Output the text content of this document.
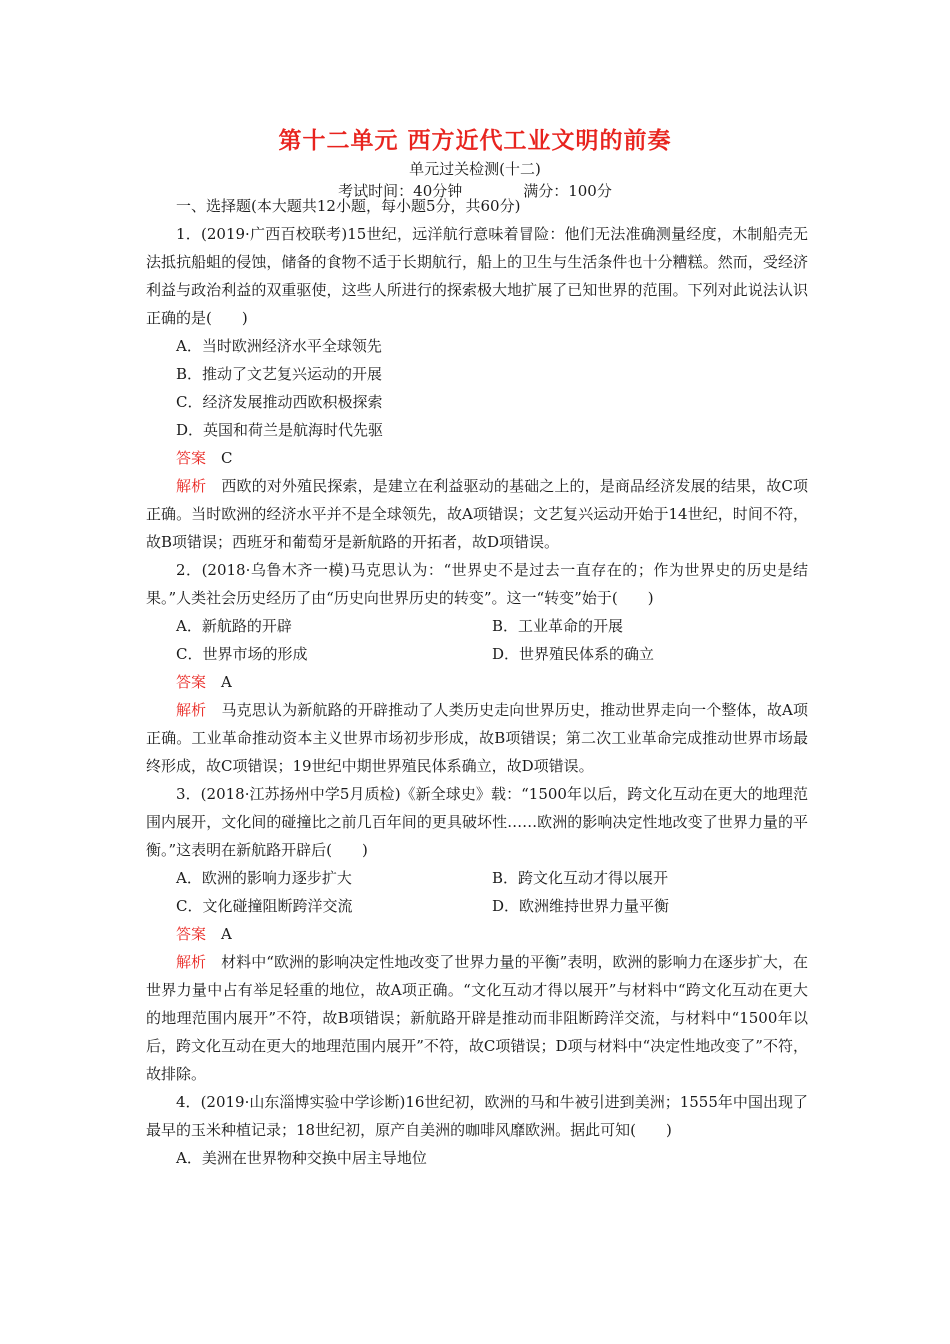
第十二单元 西方近代工业文明的前奏
单元过关检测(十二)
考试时间：40分钟	满分：100分

一、选择题(本大题共12小题，每小题5分，共60分)

1．(2019·广西百校联考)15世纪，远洋航行意味着冒险：他们无法准确测量经度，木制船壳无法抵抗船蛆的侵蚀，储备的食物不适于长期航行，船上的卫生与生活条件也十分糟糕。然而，受经济利益与政治利益的双重驱使，这些人所进行的探索极大地扩展了已知世界的范围。下列对此说法认识正确的是(　　)

A．当时欧洲经济水平全球领先

B．推动了文艺复兴运动的开展

C．经济发展推动西欧积极探索

D．英国和荷兰是航海时代先驱

答案　 C

解析　 西欧的对外殖民探索，是建立在利益驱动的基础之上的，是商品经济发展的结果，故C项正确。当时欧洲的经济水平并不是全球领先，故A项错误；文艺复兴运动开始于14世纪，时间不符，故B项错误；西班牙和葡萄牙是新航路的开拓者，故D项错误。

2．(2018·乌鲁木齐一模)马克思认为：“世界史不是过去一直存在的；作为世界史的历史是结果。”人类社会历史经历了由“历史向世界历史的转变”。这一“转变”始于(　　)

A．新航路的开辟	B．工业革命的开展
C．世界市场的形成	D．世界殖民体系的确立

答案　 A

解析　 马克思认为新航路的开辟推动了人类历史走向世界历史，推动世界走向一个整体，故A项正确。工业革命推动资本主义世界市场初步形成，故B项错误；第二次工业革命完成推动世界市场最终形成，故C项错误；19世纪中期世界殖民体系确立，故D项错误。

3．(2018·江苏扬州中学5月质检)《新全球史》载：“1500年以后，跨文化互动在更大的地理范围内展开，文化间的碰撞比之前几百年间的更具破坏性……欧洲的影响决定性地改变了世界力量的平衡。”这表明在新航路开辟后(　　)

A．欧洲的影响力逐步扩大	B．跨文化互动才得以展开
C．文化碰撞阻断跨洋交流	D．欧洲维持世界力量平衡

答案　 A

解析　 材料中“欧洲的影响决定性地改变了世界力量的平衡”表明，欧洲的影响力在逐步扩大，在世界力量中占有举足轻重的地位，故A项正确。“文化互动才得以展开”与材料中“跨文化互动在更大的地理范围内展开”不符，故B项错误；新航路开辟是推动而非阻断跨洋交流，与材料中“1500年以后，跨文化互动在更大的地理范围内展开”不符，故C项错误；D项与材料中“决定性地改变了”不符，故排除。

4．(2019·山东淄博实验中学诊断)16世纪初，欧洲的马和牛被引进到美洲；1555年中国出现了最早的玉米种植记录；18世纪初，原产自美洲的咖啡风靡欧洲。据此可知(　　)

A．美洲在世界物种交换中居主导地位
